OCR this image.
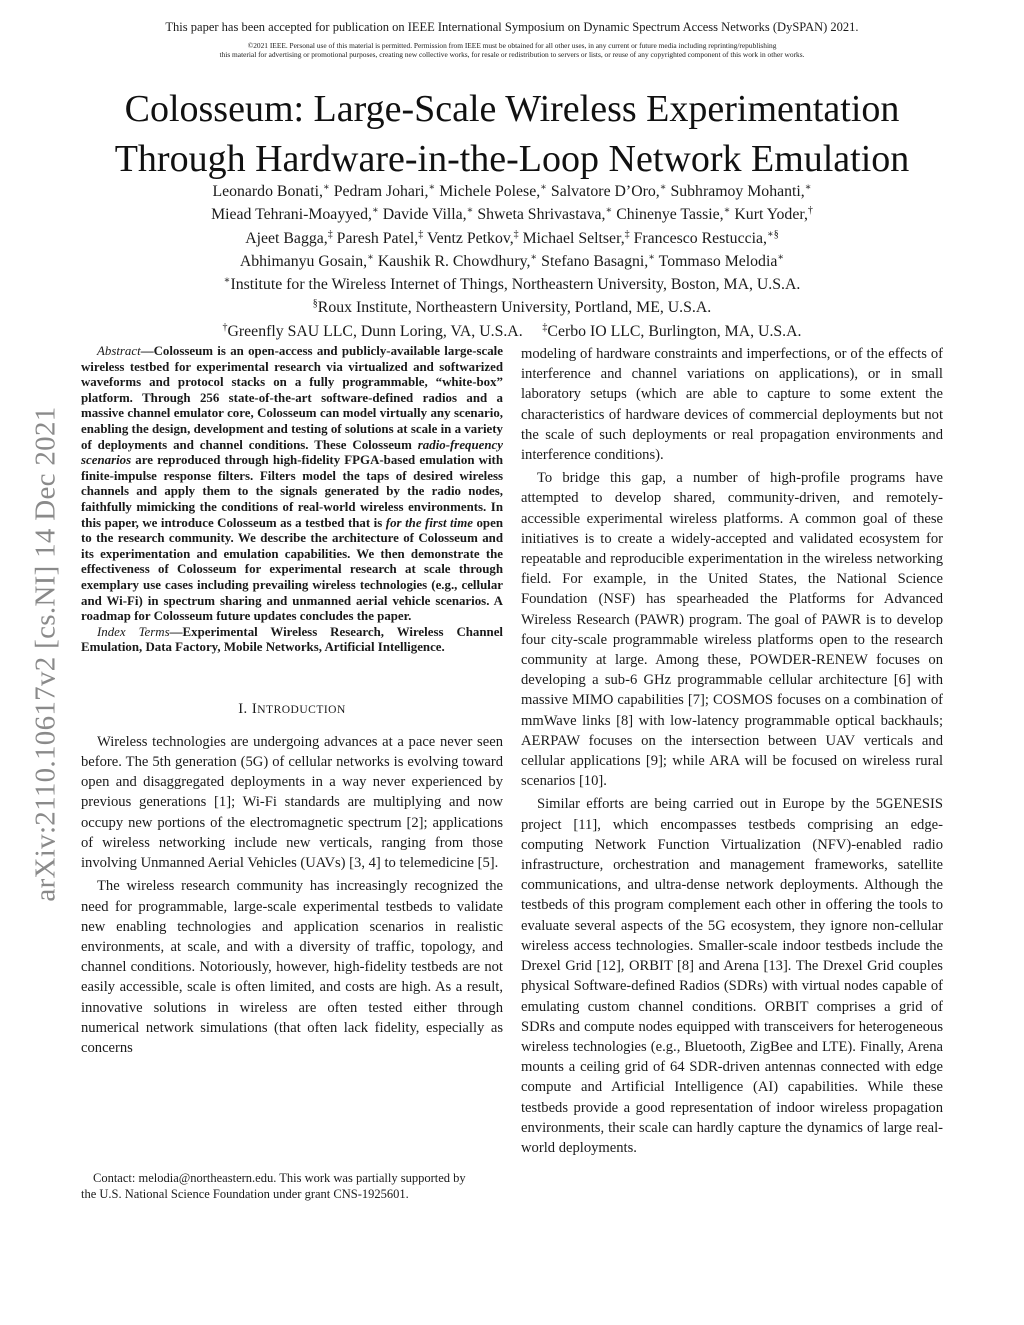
This paper has been accepted for publication on IEEE International Symposium on Dynamic Spectrum Access Networks (DySPAN) 2021.
©2021 IEEE. Personal use of this material is permitted. Permission from IEEE must be obtained for all other uses, in any current or future media including reprinting/republishing
this material for advertising or promotional purposes, creating new collective works, for resale or redistribution to servers or lists, or reuse of any copyrighted component of this work in other works.
Colosseum: Large-Scale Wireless Experimentation
Through Hardware-in-the-Loop Network Emulation
Leonardo Bonati,∗ Pedram Johari,∗ Michele Polese,∗ Salvatore D’Oro,∗ Subhramoy Mohanti,∗
Miead Tehrani-Moayyed,∗ Davide Villa,∗ Shweta Shrivastava,∗ Chinenye Tassie,∗ Kurt Yoder,†
Ajeet Bagga,‡ Paresh Patel,‡ Ventz Petkov,‡ Michael Seltser,‡ Francesco Restuccia,∗§
Abhimanyu Gosain,∗ Kaushik R. Chowdhury,∗ Stefano Basagni,∗ Tommaso Melodia∗
∗Institute for the Wireless Internet of Things, Northeastern University, Boston, MA, U.S.A.
§Roux Institute, Northeastern University, Portland, ME, U.S.A.
†Greenfly SAU LLC, Dunn Loring, VA, U.S.A. ‡Cerbo IO LLC, Burlington, MA, U.S.A.
arXiv:2110.10617v2 [cs.NI] 14 Dec 2021

Abstract—Colosseum is an open-access and publicly-available large-scale wireless testbed for experimental research via virtualized and softwarized waveforms and protocol stacks on a fully programmable, “white-box” platform. Through 256 state-of-the-art software-defined radios and a massive channel emulator core, Colosseum can model virtually any scenario, enabling the design, development and testing of solutions at scale in a variety of deployments and channel conditions. These Colosseum radio-frequency scenarios are reproduced through high-fidelity FPGA-based emulation with finite-impulse response filters. Filters model the taps of desired wireless channels and apply them to the signals generated by the radio nodes, faithfully mimicking the conditions of real-world wireless environments. In this paper, we introduce Colosseum as a testbed that is for the first time open to the research community. We describe the architecture of Colosseum and its experimentation and emulation capabilities. We then demonstrate the effectiveness of Colosseum for experimental research at scale through exemplary use cases including prevailing wireless technologies (e.g., cellular and Wi-Fi) in spectrum sharing and unmanned aerial vehicle scenarios. A roadmap for Colosseum future updates concludes the paper.

Index Terms—Experimental Wireless Research, Wireless Channel Emulation, Data Factory, Mobile Networks, Artificial Intelligence.

I. INTRODUCTION

Wireless technologies are undergoing advances at a pace never seen before. The 5th generation (5G) of cellular networks is evolving toward open and disaggregated deployments in a way never experienced by previous generations [1]; Wi-Fi standards are multiplying and now occupy new portions of the electromagnetic spectrum [2]; applications of wireless networking include new verticals, ranging from those involving Unmanned Aerial Vehicles (UAVs) [3, 4] to telemedicine [5].

The wireless research community has increasingly recognized the need for programmable, large-scale experimental testbeds to validate new enabling technologies and application scenarios in realistic environments, at scale, and with a diversity of traffic, topology, and channel conditions. Notoriously, however, high-fidelity testbeds are not easily accessible, scale is often limited, and costs are high. As a result, innovative solutions in wireless are often tested either through numerical network simulations (that often lack fidelity, especially as concerns

Contact: melodia@northeastern.edu. This work was partially supported by
the U.S. National Science Foundation under grant CNS-1925601.

modeling of hardware constraints and imperfections, or of the effects of interference and channel variations on applications), or in small laboratory setups (which are able to capture to some extent the characteristics of hardware devices of commercial deployments but not the scale of such deployments or real propagation environments and interference conditions).

To bridge this gap, a number of high-profile programs have attempted to develop shared, community-driven, and remotely-accessible experimental wireless platforms. A common goal of these initiatives is to create a widely-accepted and validated ecosystem for repeatable and reproducible experimentation in the wireless networking field. For example, in the United States, the National Science Foundation (NSF) has spearheaded the Platforms for Advanced Wireless Research (PAWR) program. The goal of PAWR is to develop four city-scale programmable wireless platforms open to the research community at large. Among these, POWDER-RENEW focuses on developing a sub-6 GHz programmable cellular architecture [6] with massive MIMO capabilities [7]; COSMOS focuses on a combination of mmWave links [8] with low-latency programmable optical backhauls; AERPAW focuses on the intersection between UAV verticals and cellular applications [9]; while ARA will be focused on wireless rural scenarios [10].

Similar efforts are being carried out in Europe by the 5GENESIS project [11], which encompasses testbeds comprising an edge-computing Network Function Virtualization (NFV)-enabled radio infrastructure, orchestration and management frameworks, satellite communications, and ultra-dense network deployments. Although the testbeds of this program complement each other in offering the tools to evaluate several aspects of the 5G ecosystem, they ignore non-cellular wireless access technologies. Smaller-scale indoor testbeds include the Drexel Grid [12], ORBIT [8] and Arena [13]. The Drexel Grid couples physical Software-defined Radios (SDRs) with virtual nodes capable of emulating custom channel conditions. ORBIT comprises a grid of SDRs and compute nodes equipped with transceivers for heterogeneous wireless technologies (e.g., Bluetooth, ZigBee and LTE). Finally, Arena mounts a ceiling grid of 64 SDR-driven antennas connected with edge compute and Artificial Intelligence (AI) capabilities. While these testbeds provide a good representation of indoor wireless propagation environments, their scale can hardly capture the dynamics of large real-world deployments.
